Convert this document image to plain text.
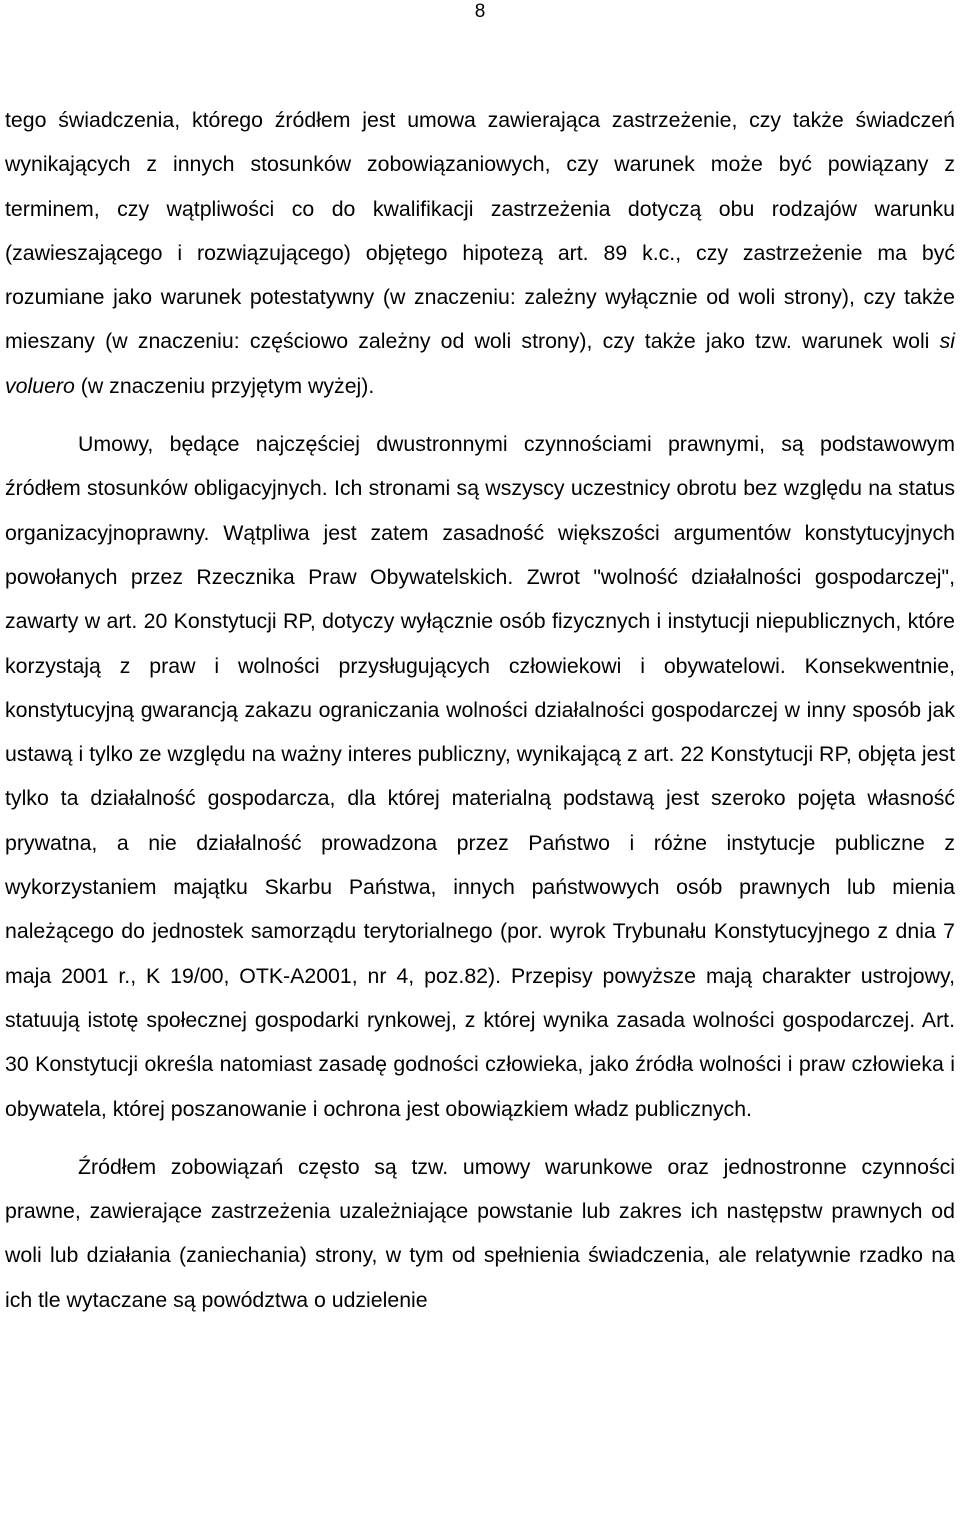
8

tego świadczenia, którego źródłem jest umowa zawierająca zastrzeżenie, czy także świadczeń wynikających z innych stosunków zobowiązaniowych, czy warunek może być powiązany z terminem, czy wątpliwości co do kwalifikacji zastrzeżenia dotyczą obu rodzajów warunku (zawieszającego i rozwiązującego) objętego hipotezą art. 89 k.c., czy zastrzeżenie ma być rozumiane jako warunek potestatywny (w znaczeniu: zależny wyłącznie od woli strony), czy także mieszany (w znaczeniu: częściowo zależny od woli strony), czy także jako tzw. warunek woli si voluero (w znaczeniu przyjętym wyżej).

Umowy, będące najczęściej dwustronnymi czynnościami prawnymi, są podstawowym źródłem stosunków obligacyjnych. Ich stronami są wszyscy uczestnicy obrotu bez względu na status organizacyjnoprawny. Wątpliwa jest zatem zasadność większości argumentów konstytucyjnych powołanych przez Rzecznika Praw Obywatelskich. Zwrot "wolność działalności gospodarczej", zawarty w art. 20 Konstytucji RP, dotyczy wyłącznie osób fizycznych i instytucji niepublicznych, które korzystają z praw i wolności przysługujących człowiekowi i obywatelowi. Konsekwentnie, konstytucyjną gwarancją zakazu ograniczania wolności działalności gospodarczej w inny sposób jak ustawą i tylko ze względu na ważny interes publiczny, wynikającą z art. 22 Konstytucji RP, objęta jest tylko ta działalność gospodarcza, dla której materialną podstawą jest szeroko pojęta własność prywatna, a nie działalność prowadzona przez Państwo i różne instytucje publiczne z wykorzystaniem majątku Skarbu Państwa, innych państwowych osób prawnych lub mienia należącego do jednostek samorządu terytorialnego (por. wyrok Trybunału Konstytucyjnego z dnia 7 maja 2001 r., K 19/00, OTK-A2001, nr 4, poz.82). Przepisy powyższe mają charakter ustrojowy, statuują istotę społecznej gospodarki rynkowej, z której wynika zasada wolności gospodarczej. Art. 30 Konstytucji określa natomiast zasadę godności człowieka, jako źródła wolności i praw człowieka i obywatela, której poszanowanie i ochrona jest obowiązkiem władz publicznych.

Źródłem zobowiązań często są tzw. umowy warunkowe oraz jednostronne czynności prawne, zawierające zastrzeżenia uzależniające powstanie lub zakres ich następstw prawnych od woli lub działania (zaniechania) strony, w tym od spełnienia świadczenia, ale relatywnie rzadko na ich tle wytaczane są powództwa o udzielenie
